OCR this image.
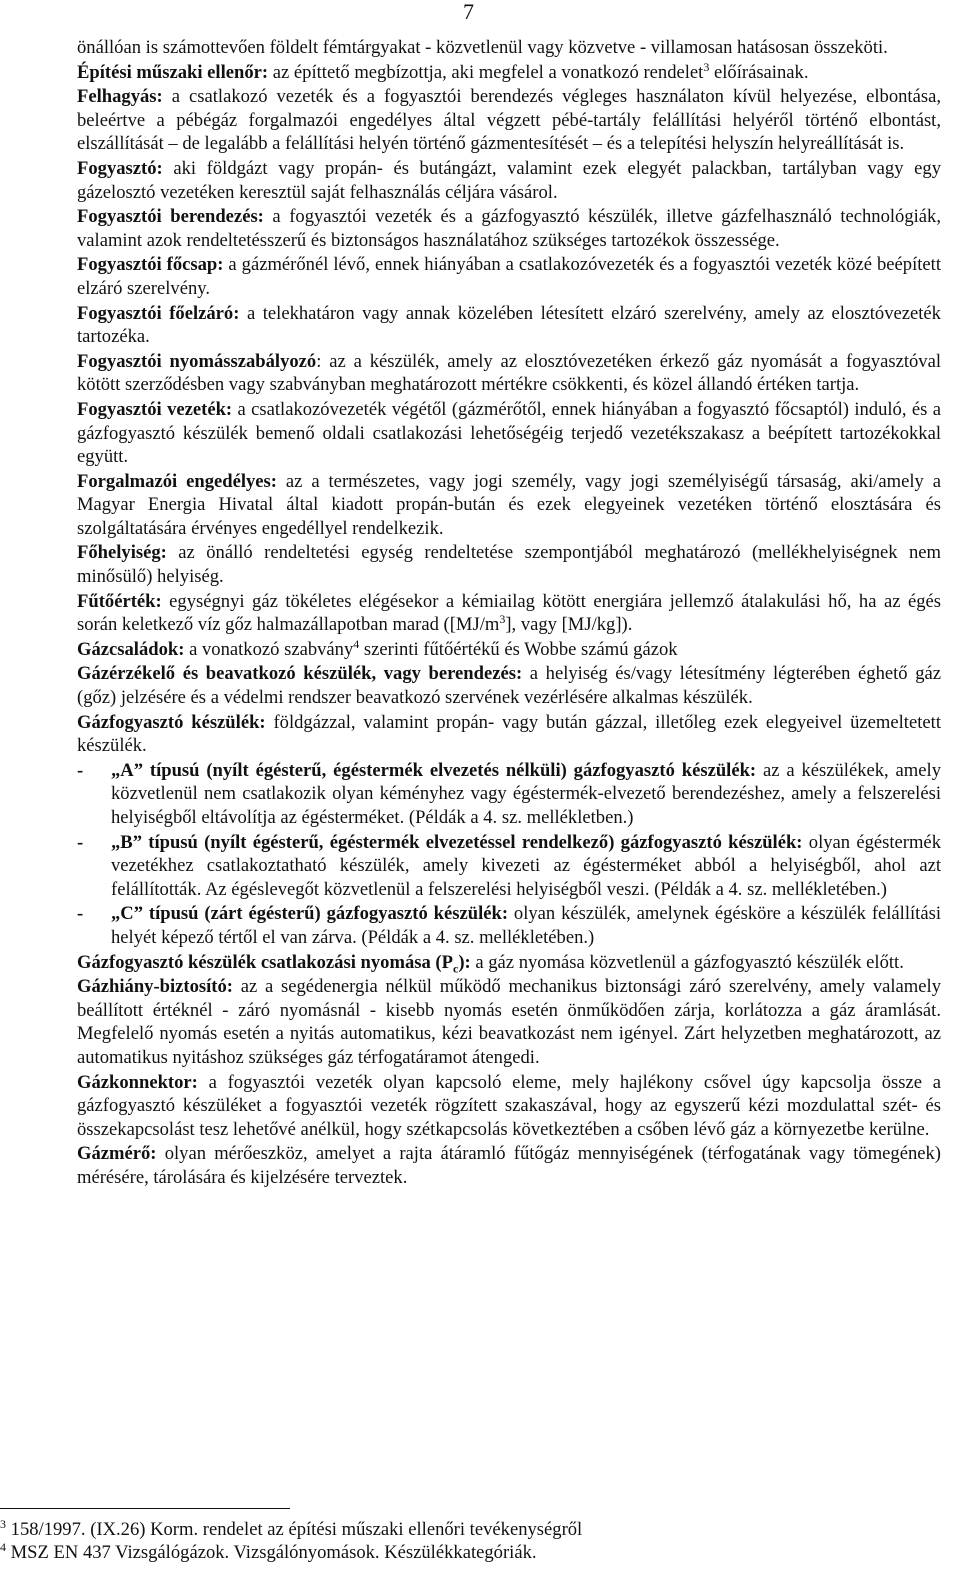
7
önállóan is számottevően földelt fémtárgyakat - közvetlenül vagy közvetve - villamosan hatásosan összeköti.
Építési műszaki ellenőr: az építtető megbízottja, aki megfelel a vonatkozó rendelet$^3$ előírásainak.
Felhagyás: a csatlakozó vezeték és a fogyasztói berendezés végleges használaton kívül helyezése, elbontása, beleértve a pébégáz forgalmazói engedélyes által végzett pébé-tartály felállítási helyéről történő elbontást, elszállítását – de legalább a felállítási helyén történő gázmentesítését – és a telepítési helyszín helyreállítását is.
Fogyasztó: aki földgázt vagy propán- és butángázt, valamint ezek elegyét palackban, tartályban vagy egy gázelosztó vezetéken keresztül saját felhasználás céljára vásárol.
Fogyasztói berendezés: a fogyasztói vezeték és a gázfogyasztó készülék, illetve gázfelhasználó technológiák, valamint azok rendeltetésszerű és biztonságos használatához szükséges tartozékok összessége.
Fogyasztói főcsap: a gázmérőnél lévő, ennek hiányában a csatlakozóvezeték és a fogyasztói vezeték közé beépített elzáró szerelvény.
Fogyasztói főelzáró: a telekhatáron vagy annak közelében létesített elzáró szerelvény, amely az elosztóvezeték tartozéka.
Fogyasztói nyomásszabályozó: az a készülék, amely az elosztóvezetéken érkező gáz nyomását a fogyasztóval kötött szerződésben vagy szabványban meghatározott mértékre csökkenti, és közel állandó értéken tartja.
Fogyasztói vezeték: a csatlakozóvezeték végétől (gázmérőtől, ennek hiányában a fogyasztó főcsaptól) induló, és a gázfogyasztó készülék bemenő oldali csatlakozási lehetőségéig terjedő vezetékszakasz a beépített tartozékokkal együtt.
Forgalmazói engedélyes: az a természetes, vagy jogi személy, vagy jogi személyiségű társaság, aki/amely a Magyar Energia Hivatal által kiadott propán-bután és ezek elegyeinek vezetéken történő elosztására és szolgáltatására érvényes engedéllyel rendelkezik.
Főhelyiség: az önálló rendeltetési egység rendeltetése szempontjából meghatározó (mellékhelyiségnek nem minősülő) helyiség.
Fűtőérték: egységnyi gáz tökéletes elégésekor a kémiailag kötött energiára jellemző átalakulási hő, ha az égés során keletkező víz gőz halmazállapotban marad ($[MJ/m^3]$, vagy [MJ/kg]).
Gázcsaládok: a vonatkozó szabvány$^4$ szerinti fűtőértékű és Wobbe számú gázok
Gázérzékelő és beavatkozó készülék, vagy berendezés: a helyiség és/vagy létesítmény légterében éghető gáz (gőz) jelzésére és a védelmi rendszer beavatkozó szervének vezérlésére alkalmas készülék.
Gázfogyasztó készülék: földgázzal, valamint propán- vagy bután gázzal, illetőleg ezek elegyeivel üzemeltetett készülék.
- „A” típusú (nyílt égésterű, égéstermék elvezetés nélküli) gázfogyasztó készülék: az a készülékek, amely közvetlenül nem csatlakozik olyan kéményhez vagy égéstermék-elvezető berendezéshez, amely a felszerelési helyiségből eltávolítja az égésterméket. (Példák a 4. sz. mellékletben.)
- „B” típusú (nyílt égésterű, égéstermék elvezetéssel rendelkező) gázfogyasztó készülék: olyan égéstermék vezetékhez csatlakoztatható készülék, amely kivezeti az égésterméket abból a helyiségből, ahol azt felállították. Az égéslevegőt közvetlenül a felszerelési helyiségből veszi. (Példák a 4. sz. mellékletében.)
- „C” típusú (zárt égésterű) gázfogyasztó készülék: olyan készülék, amelynek égésköre a készülék felállítási helyét képező tértől el van zárva. (Példák a 4. sz. mellékletében.)
Gázfogyasztó készülék csatlakozási nyomása $(P_c)$: a gáz nyomása közvetlenül a gázfogyasztó készülék előtt.
Gázhiány-biztosító: az a segédenergia nélkül működő mechanikus biztonsági záró szerelvény, amely valamely beállított értéknél - záró nyomásnál - kisebb nyomás esetén önműködően zárja, korlátozza a gáz áramlását. Megfelelő nyomás esetén a nyitás automatikus, kézi beavatkozást nem igényel. Zárt helyzetben meghatározott, az automatikus nyitáshoz szükséges gáz térfogatáramot átengedi.
Gázkonnektor: a fogyasztói vezeték olyan kapcsoló eleme, mely hajlékony csővel úgy kapcsolja össze a gázfogyasztó készüléket a fogyasztói vezeték rögzített szakaszával, hogy az egyszerű kézi mozdulattal szét- és összekapcsolást tesz lehetővé anélkül, hogy szétkapcsolás következtében a csőben lévő gáz a környezetbe kerülne.
Gázmérő: olyan mérőeszköz, amelyet a rajta átáramló fűtőgáz mennyiségének (térfogatának vagy tömegének) mérésére, tárolására és kijelzésére terveztek.

$^3$ 158/1997. (IX.26) Korm. rendelet az építési műszaki ellenőri tevékenységről

$^4$ MSZ EN 437 Vizsgálógázok. Vizsgálónyomások. Készülékkategóriák.
